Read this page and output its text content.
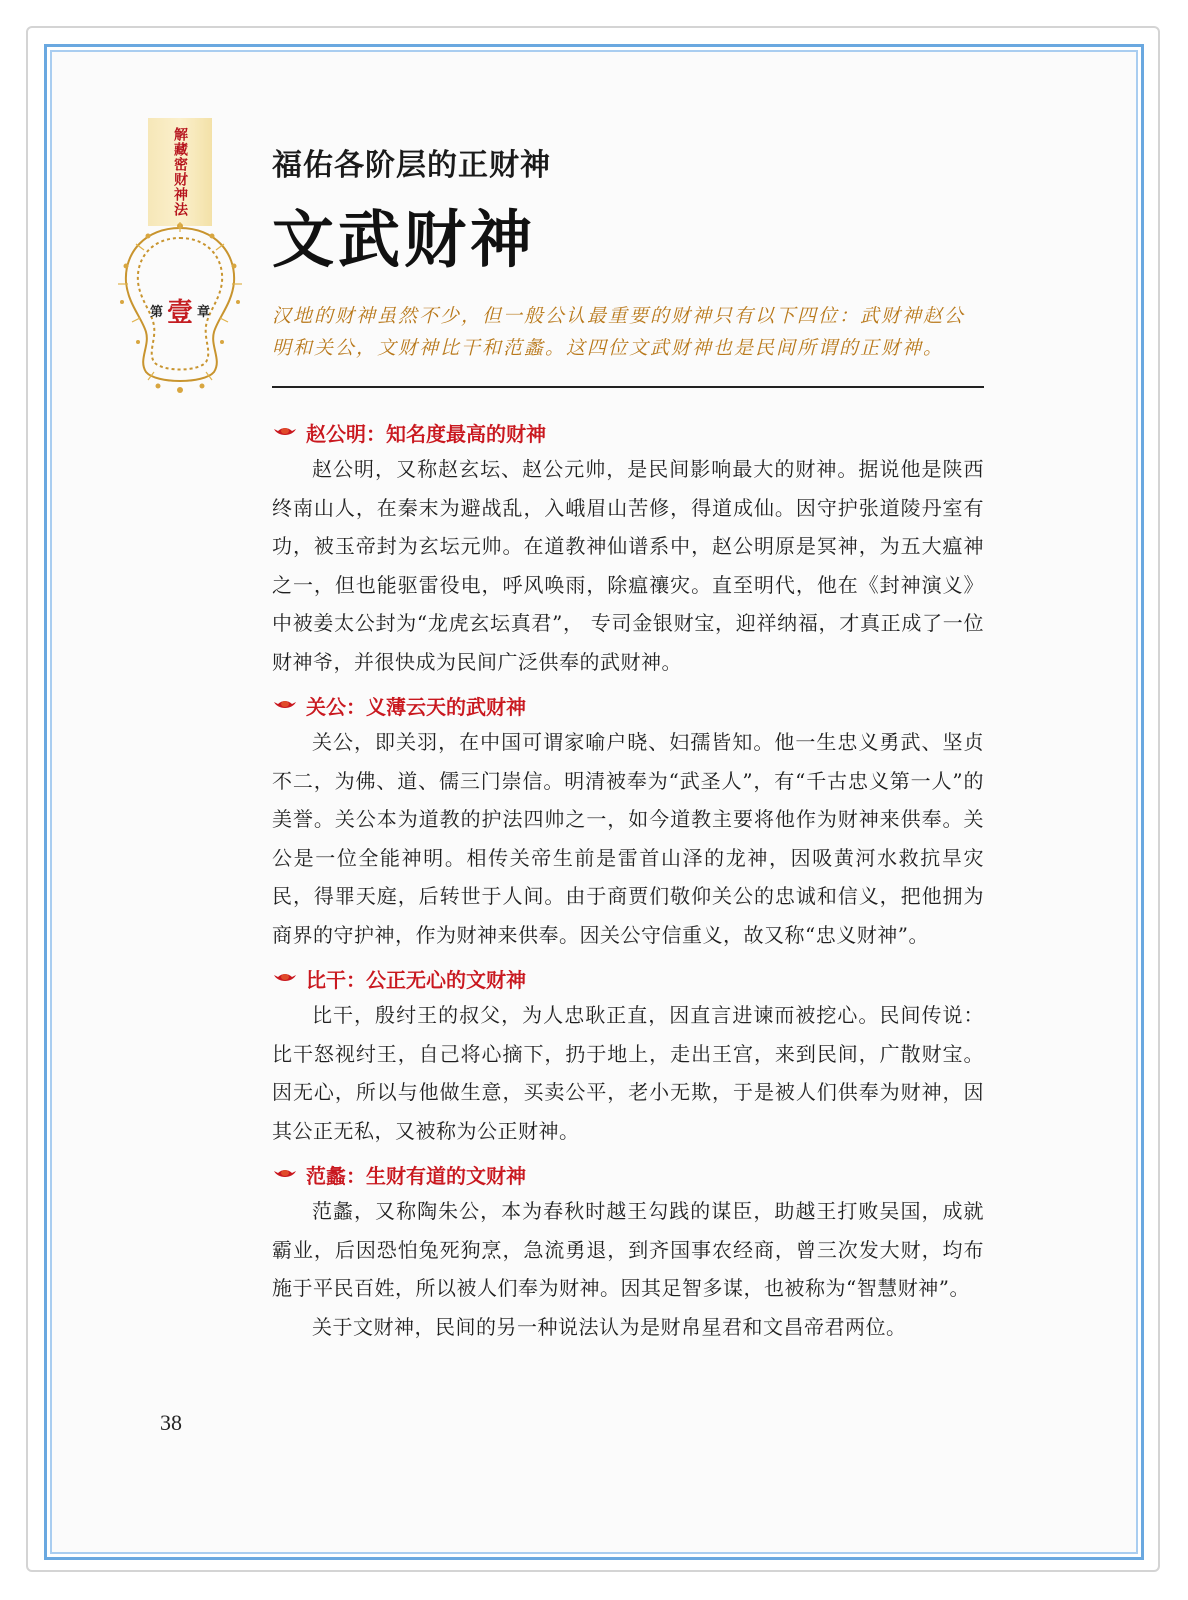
解藏密财神法
第 壹 章
福佑各阶层的正财神
文武财神
汉地的财神虽然不少，但一般公认最重要的财神只有以下四位：武财神赵公明和关公，文财神比干和范蠡。这四位文武财神也是民间所谓的正财神。
赵公明 ： 知名度最高的财神

赵公明，又称赵玄坛、赵公元帅，是民间影响最大的财神。据说他是陕西终南山人，在秦末为避战乱，入峨眉山苦修，得道成仙。因守护张道陵丹室有功，被玉帝封为玄坛元帅。在道教神仙谱系中，赵公明原是冥神，为五大瘟神之一，但也能驱雷役电，呼风唤雨，除瘟禳灾。直至明代，他在《封神演义》中被姜太公封为“龙虎玄坛真君”， 专司金银财宝，迎祥纳福，才真正成了一位财神爷，并很快成为民间广泛供奉的武财神。

关公 ： 义薄云天的武财神

关公，即关羽，在中国可谓家喻户晓、妇孺皆知。他一生忠义勇武、坚贞不二，为佛、道、儒三门崇信。明清被奉为“武圣人”，有“千古忠义第一人”的美誉。关公本为道教的护法四帅之一，如今道教主要将他作为财神来供奉。关公是一位全能神明。相传关帝生前是雷首山泽的龙神，因吸黄河水救抗旱灾民，得罪天庭，后转世于人间。由于商贾们敬仰关公的忠诚和信义，把他拥为商界的守护神，作为财神来供奉。因关公守信重义，故又称“忠义财神”。

比干 ： 公正无心的文财神

比干，殷纣王的叔父，为人忠耿正直，因直言进谏而被挖心。民间传说：比干怒视纣王，自己将心摘下，扔于地上，走出王宫，来到民间，广散财宝。因无心，所以与他做生意，买卖公平，老小无欺，于是被人们供奉为财神，因其公正无私，又被称为公正财神。

范蠡 ： 生财有道的文财神

范蠡，又称陶朱公，本为春秋时越王勾践的谋臣，助越王打败吴国，成就霸业，后因恐怕兔死狗烹，急流勇退，到齐国事农经商，曾三次发大财，均布施于平民百姓，所以被人们奉为财神。因其足智多谋，也被称为“智慧财神”。

关于文财神，民间的另一种说法认为是财帛星君和文昌帝君两位。

38
